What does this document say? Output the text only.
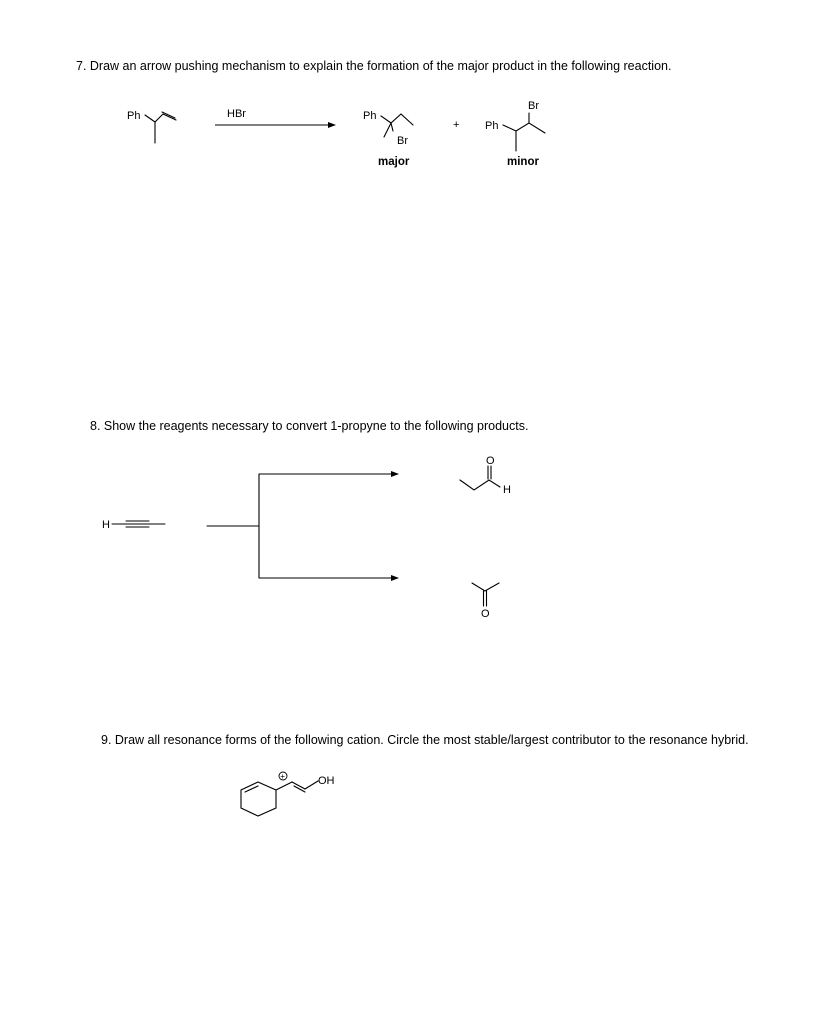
7. Draw an arrow pushing mechanism to explain the formation of the major product in the following reaction.
8. Show the reagents necessary to convert 1-propyne to the following products.
9. Draw all resonance forms of the following cation. Circle the most stable/largest contributor to the resonance hybrid.
Ph	HBr	Ph
Br
major
+ Ph
Br
minor
H
O
H
O
+	OH
